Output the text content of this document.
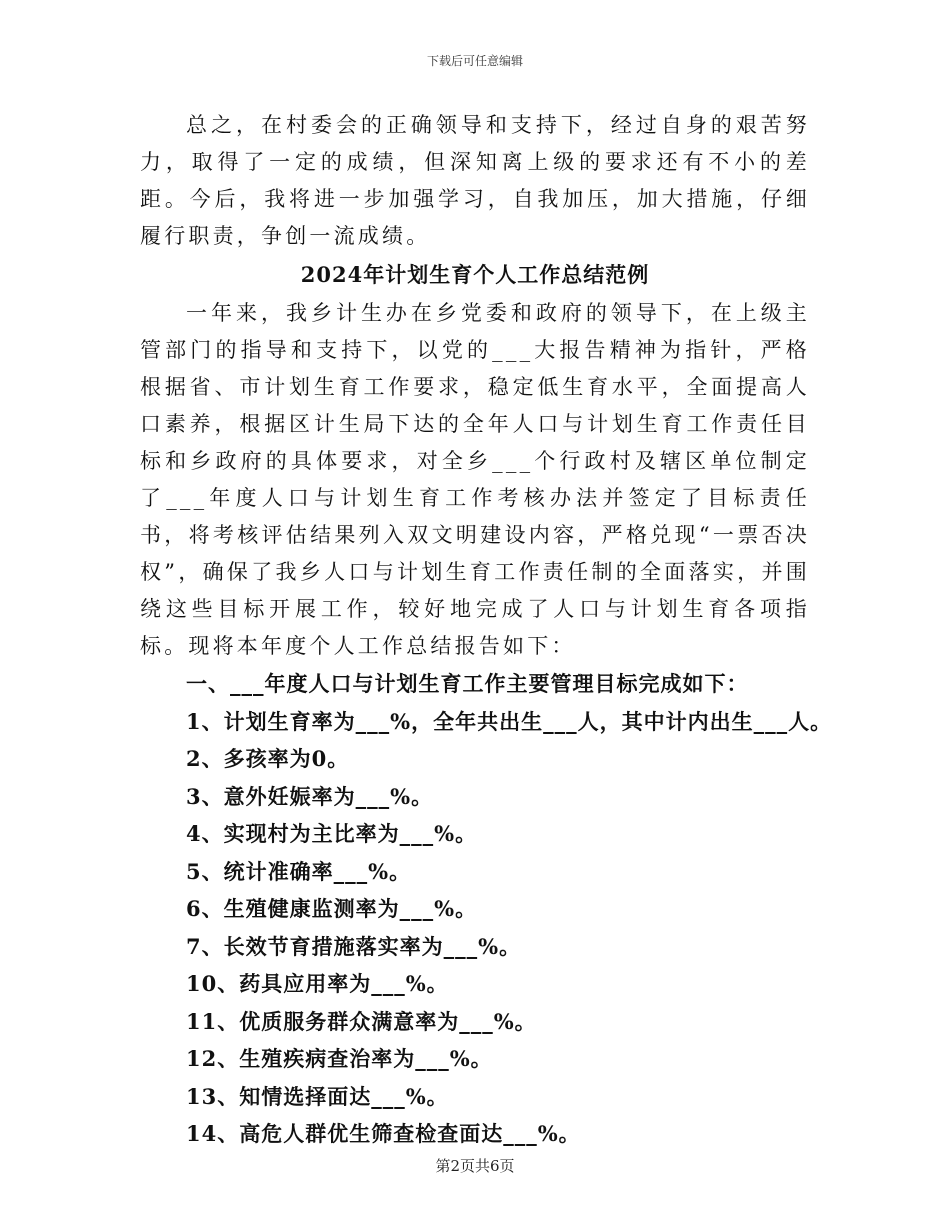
下载后可任意编辑

总之，在村委会的正确领导和支持下，经过自身的艰苦努力，取得了一定的成绩，但深知离上级的要求还有不小的差距。今后，我将进一步加强学习，自我加压，加大措施，仔细履行职责，争创一流成绩。

2024年计划生育个人工作总结范例

一年来，我乡计生办在乡党委和政府的领导下，在上级主管部门的指导和支持下，以党的___大报告精神为指针，严格根据省、市计划生育工作要求，稳定低生育水平，全面提高人口素养，根据区计生局下达的全年人口与计划生育工作责任目标和乡政府的具体要求，对全乡___个行政村及辖区单位制定了___年度人口与计划生育工作考核办法并签定了目标责任书，将考核评估结果列入双文明建设内容，严格兑现“一票否决权”，确保了我乡人口与计划生育工作责任制的全面落实，并围绕这些目标开展工作，较好地完成了人口与计划生育各项指标。现将本年度个人工作总结报告如下：

一、___年度人口与计划生育工作主要管理目标完成如下：

1、计划生育率为___%，全年共出生___人，其中计内出生___人。

2、多孩率为0。

3、意外妊娠率为___%。

4、实现村为主比率为___%。

5、统计准确率___%。

6、生殖健康监测率为___%。

7、长效节育措施落实率为___%。

10、药具应用率为___%。

11、优质服务群众满意率为___%。

12、生殖疾病查治率为___%。

13、知情选择面达___%。

14、高危人群优生筛查检查面达___%。

第2页共6页
